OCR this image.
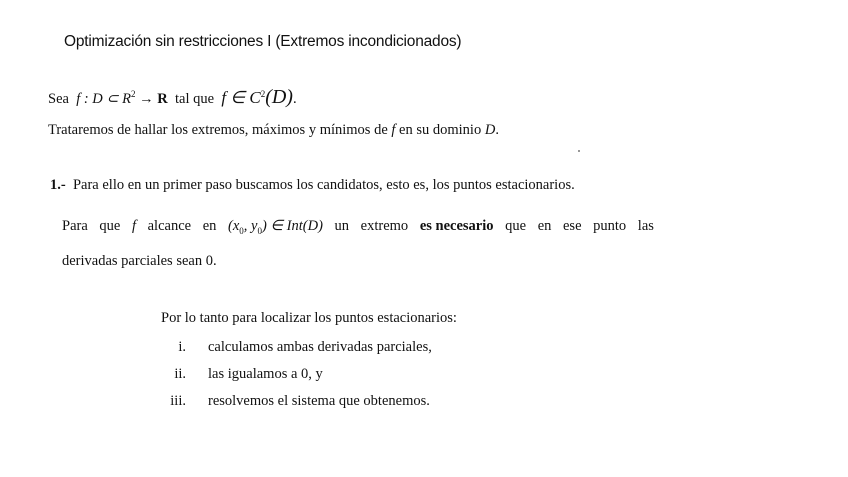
Optimización sin restricciones I (Extremos incondicionados)
Sea f : D ⊂ $R^2 \to R$ tal que f ∈ $C^2(D)$.
Trataremos de hallar los extremos, máximos y mínimos de f en su dominio D.
1.- Para ello en un primer paso buscamos los candidatos, esto es, los puntos estacionarios.
Para que f alcance en ($x_0$, $y_0$) ∈ Int(D) un extremo es necesario que en ese punto las
derivadas parciales sean 0.
Por lo tanto para localizar los puntos estacionarios:
i. calculamos ambas derivadas parciales,
ii. las igualamos a 0, y
iii. resolvemos el sistema que obtenemos.
